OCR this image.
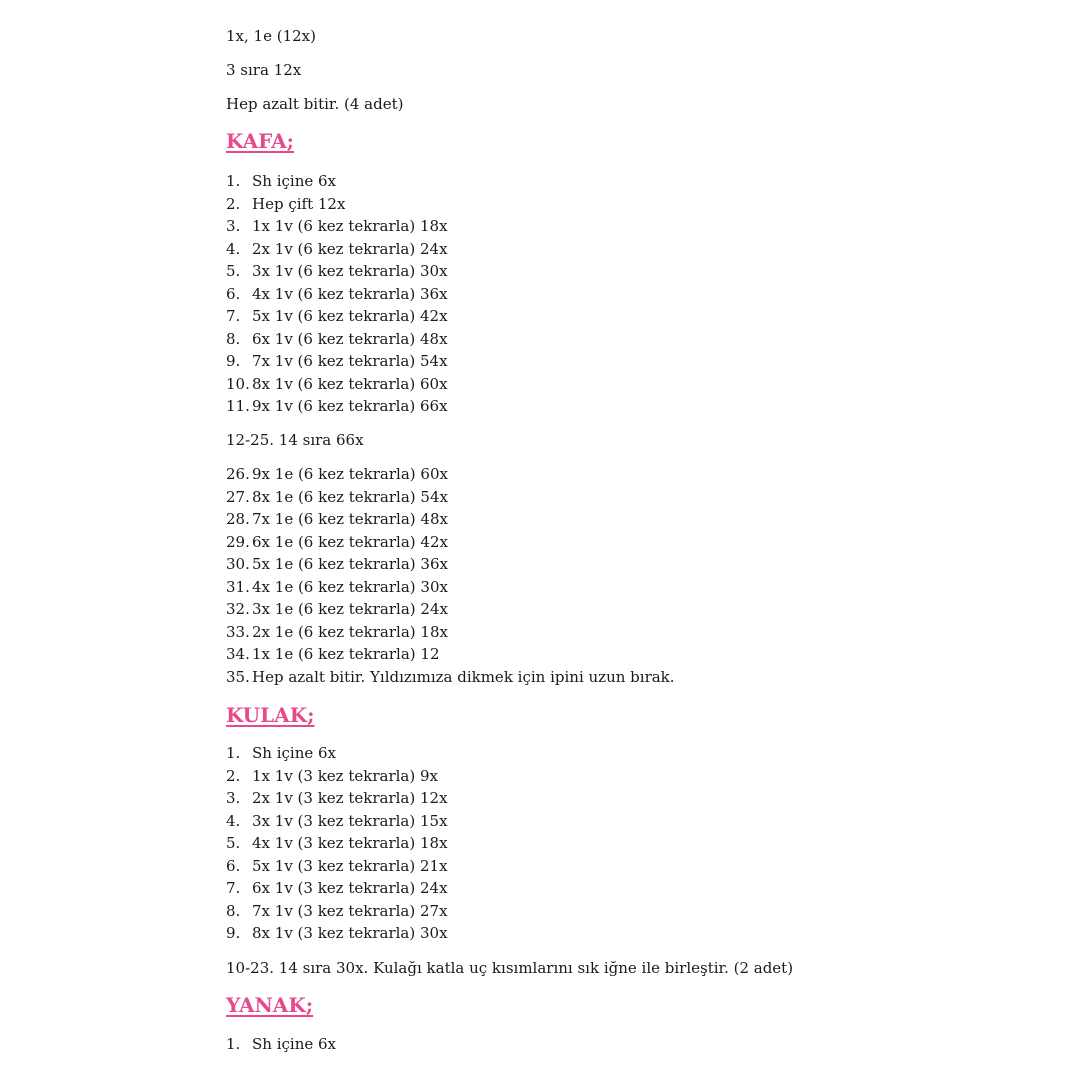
1x, 1e (12x)
3 sıra 12x
Hep azalt bitir. (4 adet)
KAFA;
1. Sh içine 6x
2. Hep çift 12x
3. 1x 1v (6 kez tekrarla) 18x
4. 2x 1v (6 kez tekrarla) 24x
5. 3x 1v (6 kez tekrarla) 30x
6. 4x 1v (6 kez tekrarla) 36x
7. 5x 1v (6 kez tekrarla) 42x
8. 6x 1v (6 kez tekrarla) 48x
9. 7x 1v (6 kez tekrarla) 54x
10. 8x 1v (6 kez tekrarla) 60x
11. 9x 1v (6 kez tekrarla) 66x
12-25. 14 sıra 66x
26. 9x 1e (6 kez tekrarla) 60x
27. 8x 1e (6 kez tekrarla) 54x
28. 7x 1e (6 kez tekrarla) 48x
29. 6x 1e (6 kez tekrarla) 42x
30. 5x 1e (6 kez tekrarla) 36x
31. 4x 1e (6 kez tekrarla) 30x
32. 3x 1e (6 kez tekrarla) 24x
33. 2x 1e (6 kez tekrarla) 18x
34. 1x 1e (6 kez tekrarla) 12
35. Hep azalt bitir. Yıldızımıza dikmek için ipini uzun bırak.
KULAK;
1. Sh içine 6x
2. 1x 1v (3 kez tekrarla) 9x
3. 2x 1v (3 kez tekrarla) 12x
4. 3x 1v (3 kez tekrarla) 15x
5. 4x 1v (3 kez tekrarla) 18x
6. 5x 1v (3 kez tekrarla) 21x
7. 6x 1v (3 kez tekrarla) 24x
8. 7x 1v (3 kez tekrarla) 27x
9. 8x 1v (3 kez tekrarla) 30x
10-23. 14 sıra 30x. Kulağı katla uç kısımlarını sık iğne ile birleştir. (2 adet)
YANAK;
1. Sh içine 6x
